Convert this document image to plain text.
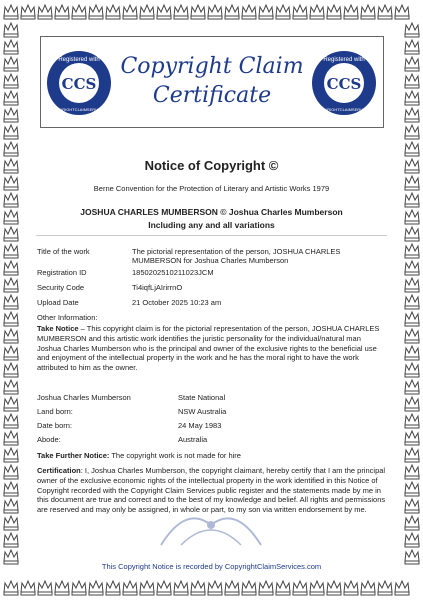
CCS
Registered with
COPYRIGHTCLAIMSERVICES
CCS
Registered with
COPYRIGHTCLAIMSERVICES
Copyright Claim
Certificate
Notice of Copyright ©
Berne Convention for the Protection of Literary and Artistic Works 1979
JOSHUA CHARLES MUMBERSON © Joshua Charles Mumberson
Including any and all variations
Title of the work	The pictorial representation of the person, JOSHUA CHARLES MUMBERSON for Joshua Charles Mumberson
Registration ID	1850202510211023JCM
Security Code	Ti4iqfLjAIrirrnO
Upload Date	21 October 2025 10:23 am
Other Information:
Take Notice – This copyright claim is for the pictorial representation of the person, JOSHUA CHARLES MUMBERSON and this artistic work identifies the juristic personality for the individual/natural man Joshua Charles Mumberson who is the principal and owner of the exclusive rights to the beneficial use and enjoyment of the intellectual property in the work and he has the moral right to have the work attributed to him as the owner.
Joshua Charles Mumberson	State National
Land born:	NSW Australia
Date born:	24 May 1983
Abode:	Australia
Take Further Notice: The copyright work is not made for hire
Certification: I, Joshua Charles Mumberson, the copyright claimant, hereby certify that I am the principal owner of the exclusive economic rights of the intellectual property in the work identified in this Notice of Copyright recorded with the Copyright Claim Services public register and the statements made by me in this document are true and correct and to the best of my knowledge and belief. All rights and permissions are reserved and may only be assigned, in whole or part, to my son via written endorsement by me.
This Copyright Notice is recorded by CopyrightClaimServices.com
